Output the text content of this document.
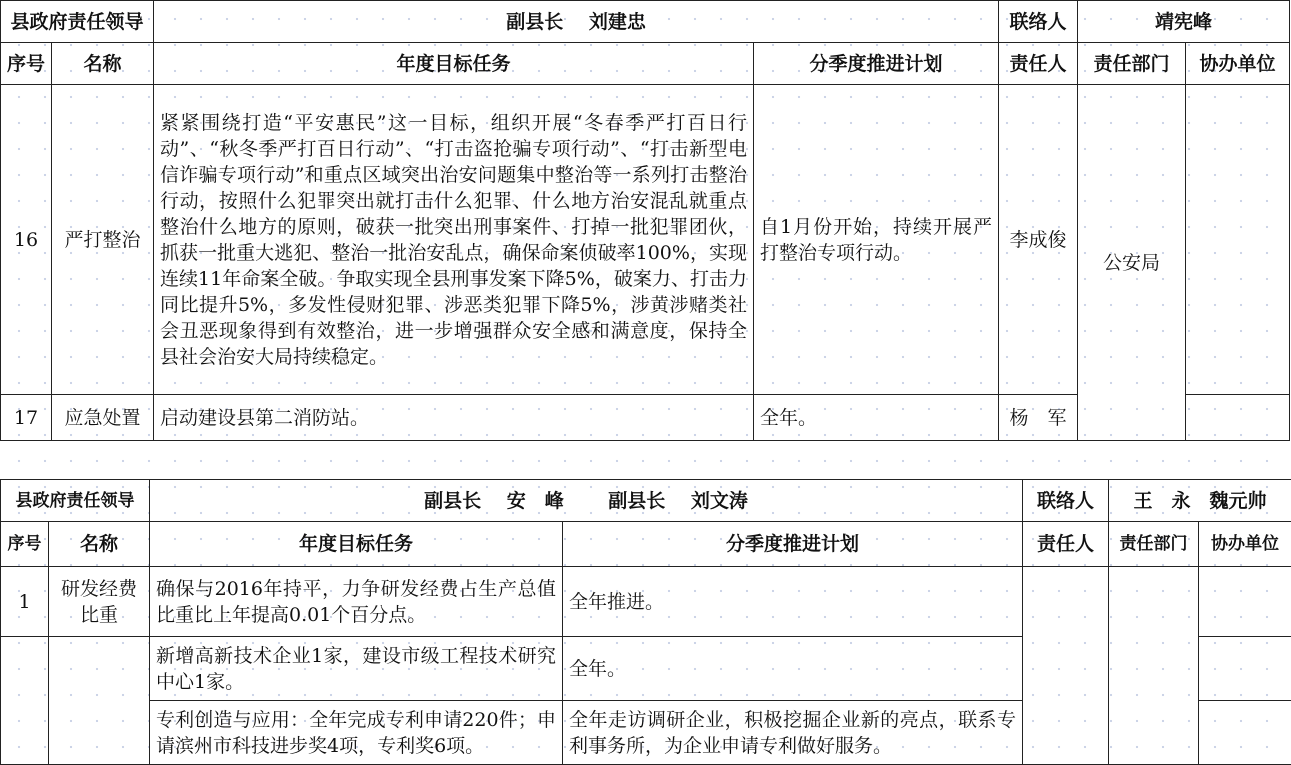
县政府责任领导		副县长 　刘建忠		联络人	靖宪峰	
序号	名称	年度目标任务	分季度推进计划	责任人	责任部门	协办单位
16	严打整治	紧紧围绕打造“平安惠民”这一目标，组织开展“冬春季严打百日行动”、“秋冬季严打百日行动”、“打击盗抢骗专项行动”、“打击新型电信诈骗专项行动”和重点区域突出治安问题集中整治等一系列打击整治行动，按照什么犯罪突出就打击什么犯罪、什么地方治安混乱就重点整治什么地方的原则，破获一批突出刑事案件、打掉一批犯罪团伙，抓获一批重大逃犯、整治一批治安乱点，确保命案侦破率100%，实现连续11年命案全破。争取实现全县刑事发案下降5%，破案力、打击力同比提升5%，多发性侵财犯罪、涉恶类犯罪下降5%，涉黄涉赌类社会丑恶现象得到有效整治，进一步增强群众安全感和满意度，保持全县社会治安大局持续稳定。	自1月份开始，持续开展严打整治专项行动。	李成俊	公安局	
17	应急处置	启动建设县第二消防站。	全年。	杨　军		
县政府责任领导		副县长 　安　峰 　　副县长 　刘文涛		联络人	王　永　魏元帅	
序号	名称	年度目标任务	分季度推进计划	责任人	责任部门	协办单位
1	研发经费比重	确保与2016年持平，力争研发经费占生产总值比重比上年提高0.01个百分点。	全年推进。			
		新增高新技术企业1家，建设市级工程技术研究中心1家。	全年。			
		专利创造与应用：全年完成专利申请220件；申请滨州市科技进步奖4项，专利奖6项。	全年走访调研企业，积极挖掘企业新的亮点，联系专利事务所，为企业申请专利做好服务。			
